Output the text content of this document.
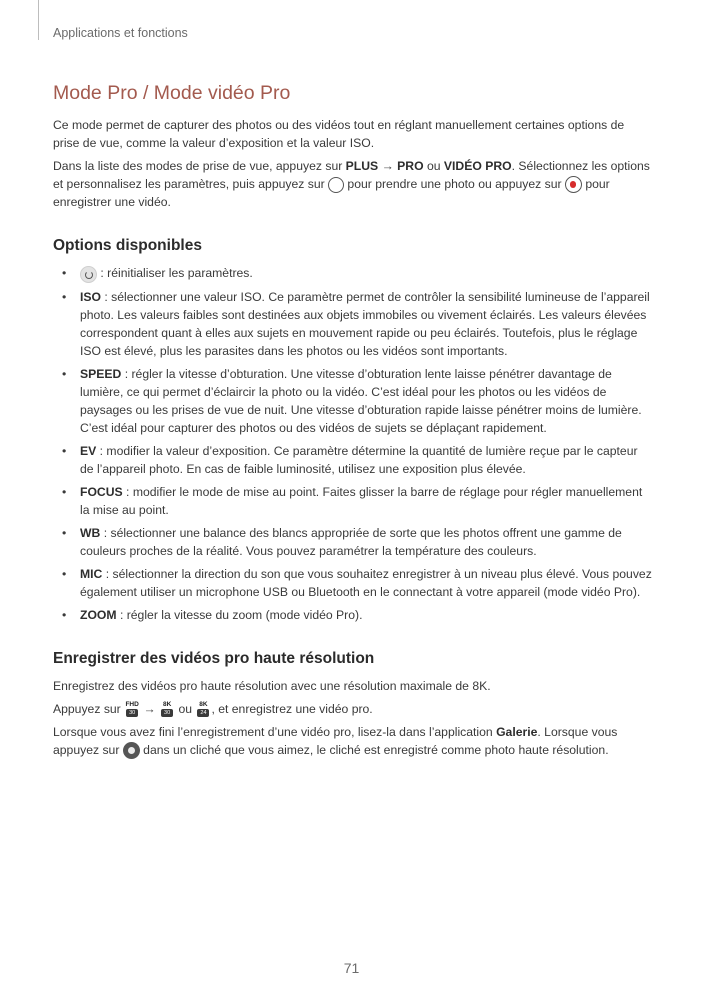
Applications et fonctions
Mode Pro / Mode vidéo Pro

Ce mode permet de capturer des photos ou des vidéos tout en réglant manuellement certaines options de prise de vue, comme la valeur d’exposition et la valeur ISO.

Dans la liste des modes de prise de vue, appuyez sur PLUS → PRO ou VIDÉO PRO. Sélectionnez les options et personnalisez les paramètres, puis appuyez sur  pour prendre une photo ou appuyez sur  pour enregistrer une vidéo.

Options disponibles
•	: réinitialiser les paramètres.
• ISO : sélectionner une valeur ISO. Ce paramètre permet de contrôler la sensibilité lumineuse de l’appareil photo. Les valeurs faibles sont destinées aux objets immobiles ou vivement éclairés. Les valeurs élevées correspondent quant à elles aux sujets en mouvement rapide ou peu éclairés. Toutefois, plus le réglage ISO est élevé, plus les parasites dans les photos ou les vidéos sont importants.
• SPEED : régler la vitesse d’obturation. Une vitesse d’obturation lente laisse pénétrer davantage de lumière, ce qui permet d’éclaircir la photo ou la vidéo. C’est idéal pour les photos ou les vidéos de paysages ou les prises de vue de nuit. Une vitesse d’obturation rapide laisse pénétrer moins de lumière. C’est idéal pour capturer des photos ou des vidéos de sujets se déplaçant rapidement.
• EV : modifier la valeur d’exposition. Ce paramètre détermine la quantité de lumière reçue par le capteur de l’appareil photo. En cas de faible luminosité, utilisez une exposition plus élevée.
• FOCUS : modifier le mode de mise au point. Faites glisser la barre de réglage pour régler manuellement la mise au point.
• WB : sélectionner une balance des blancs appropriée de sorte que les photos offrent une gamme de couleurs proches de la réalité. Vous pouvez paramétrer la température des couleurs.
• MIC : sélectionner la direction du son que vous souhaitez enregistrer à un niveau plus élevé. Vous pouvez également utiliser un microphone USB ou Bluetooth en le connectant à votre appareil (mode vidéo Pro).
• ZOOM : régler la vitesse du zoom (mode vidéo Pro).
Enregistrer des vidéos pro haute résolution

Enregistrez des vidéos pro haute résolution avec une résolution maximale de 8K.

Appuyez sur FHD
30 → 8K
30 ou 8K
24 , et enregistrez une vidéo pro.

Lorsque vous avez fini l’enregistrement d’une vidéo pro, lisez-la dans l’application Galerie. Lorsque vous appuyez sur  dans un cliché que vous aimez, le cliché est enregistré comme photo haute résolution.

71
